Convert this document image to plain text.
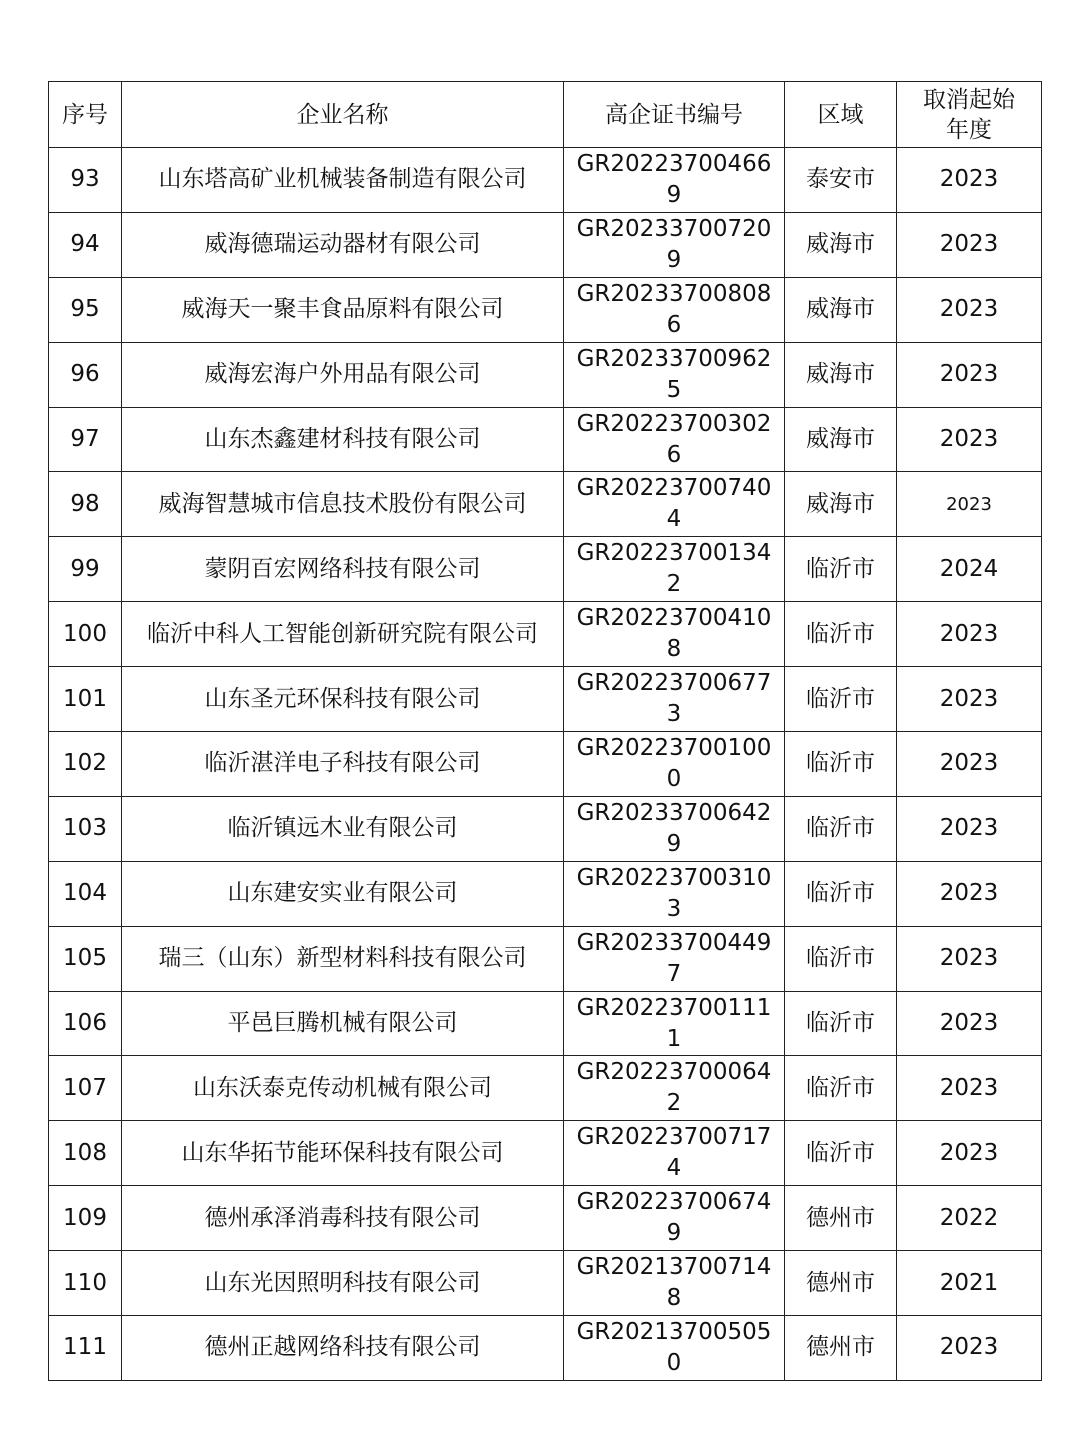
序号	企业名称	高企证书编号	区域	取消起始年度
93	山东塔高矿业机械装备制造有限公司	GR202237004669	泰安市	2023
94	威海德瑞运动器材有限公司	GR202337007209	威海市	2023
95	威海天一聚丰食品原料有限公司	GR202337008086	威海市	2023
96	威海宏海户外用品有限公司	GR202337009625	威海市	2023
97	山东杰鑫建材科技有限公司	GR202237003026	威海市	2023
98	威海智慧城市信息技术股份有限公司	GR202237007404	威海市	2023
99	蒙阴百宏网络科技有限公司	GR202237001342	临沂市	2024
100	临沂中科人工智能创新研究院有限公司	GR202237004108	临沂市	2023
101	山东圣元环保科技有限公司	GR202237006773	临沂市	2023
102	临沂湛洋电子科技有限公司	GR202237001000	临沂市	2023
103	临沂镇远木业有限公司	GR202337006429	临沂市	2023
104	山东建安实业有限公司	GR202237003103	临沂市	2023
105	瑞三（山东）新型材料科技有限公司	GR202337004497	临沂市	2023
106	平邑巨腾机械有限公司	GR202237001111	临沂市	2023
107	山东沃泰克传动机械有限公司	GR202237000642	临沂市	2023
108	山东华拓节能环保科技有限公司	GR202237007174	临沂市	2023
109	德州承泽消毒科技有限公司	GR202237006749	德州市	2022
110	山东光因照明科技有限公司	GR202137007148	德州市	2021
111	德州正越网络科技有限公司	GR202137005050	德州市	2023
